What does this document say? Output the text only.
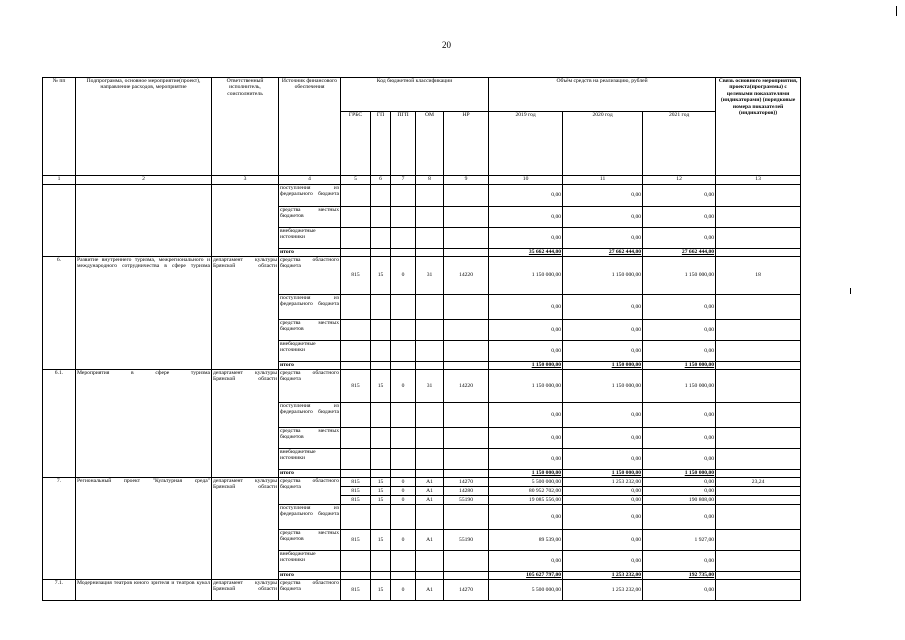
20
№ пп	Подпрограмма, основное мероприятие(проект), направление расходов, мероприятие	Ответственный исполнитель, соисполнитель	Источник финансового обеспечения	Код бюджетной классификации					Объём средств на реализацию, рублей			Связь основного мероприятия, проекта(программы) с целевыми показателями (индикаторами) (порядковые номера показателей (индикаторов))
				ГРБС	ГП	ПГП	ОМ	НР	2019 год	2020 год	2021 год	
1	2	3	4	5	6	7	8	9	10	11	12	13
			поступления из федерального бюджета						0,00	0,00	0,00	
			средства местных бюджетов						0,00	0,00	0,00	
			внебюджетные источники						0,00	0,00	0,00	
			итого						35 662 444,00	27 662 444,00	27 662 444,00	
6.	Развитие внутреннего туризма, межрегионального и международного сотрудничества в сфере туризма	департамент культуры Брянской области	средства областного бюджета	815	15	0	31	14220	1 150 000,00	1 150 000,00	1 150 000,00	18
			поступления из федерального бюджета						0,00	0,00	0,00	
			средства местных бюджетов						0,00	0,00	0,00	
			внебюджетные источники						0,00	0,00	0,00	
			итого						1 150 000,00	1 150 000,00	1 150 000,00	
6.1.	Мероприятия в сфере туризма	департамент культуры Брянской области	средства областного бюджета	815	15	0	31	14220	1 150 000,00	1 150 000,00	1 150 000,00	
			поступления из федерального бюджета						0,00	0,00	0,00	
			средства местных бюджетов						0,00	0,00	0,00	
			внебюджетные источники						0,00	0,00	0,00	
			итого						1 150 000,00	1 150 000,00	1 150 000,00	
7.	Региональный проект "Культурная среда"	департамент культуры Брянской области	средства областного бюджета	815	15	0	А1	14270	5 500 000,00	1 253 232,00	0,00	23,24
				815	15	0	А1	14280	80 952 702,00	0,00	0,00	
				815	15	0	А1	55190	19 085 556,00	0,00	190 808,00	
			поступления из федерального бюджета						0,00	0,00	0,00	
			средства местных бюджетов	815	15	0	А1	55190	89 539,00	0,00	1 927,00	
			внебюджетные источники						0,00	0,00	0,00	
			итого						105 627 797,00	1 253 232,00	192 735,00	
7.1.	Модернизация театров юного зрителя и театров кукол	департамент культуры Брянской области	средства областного бюджета	815	15	0	А1	14270	5 500 000,00	1 253 232,00	0,00	
